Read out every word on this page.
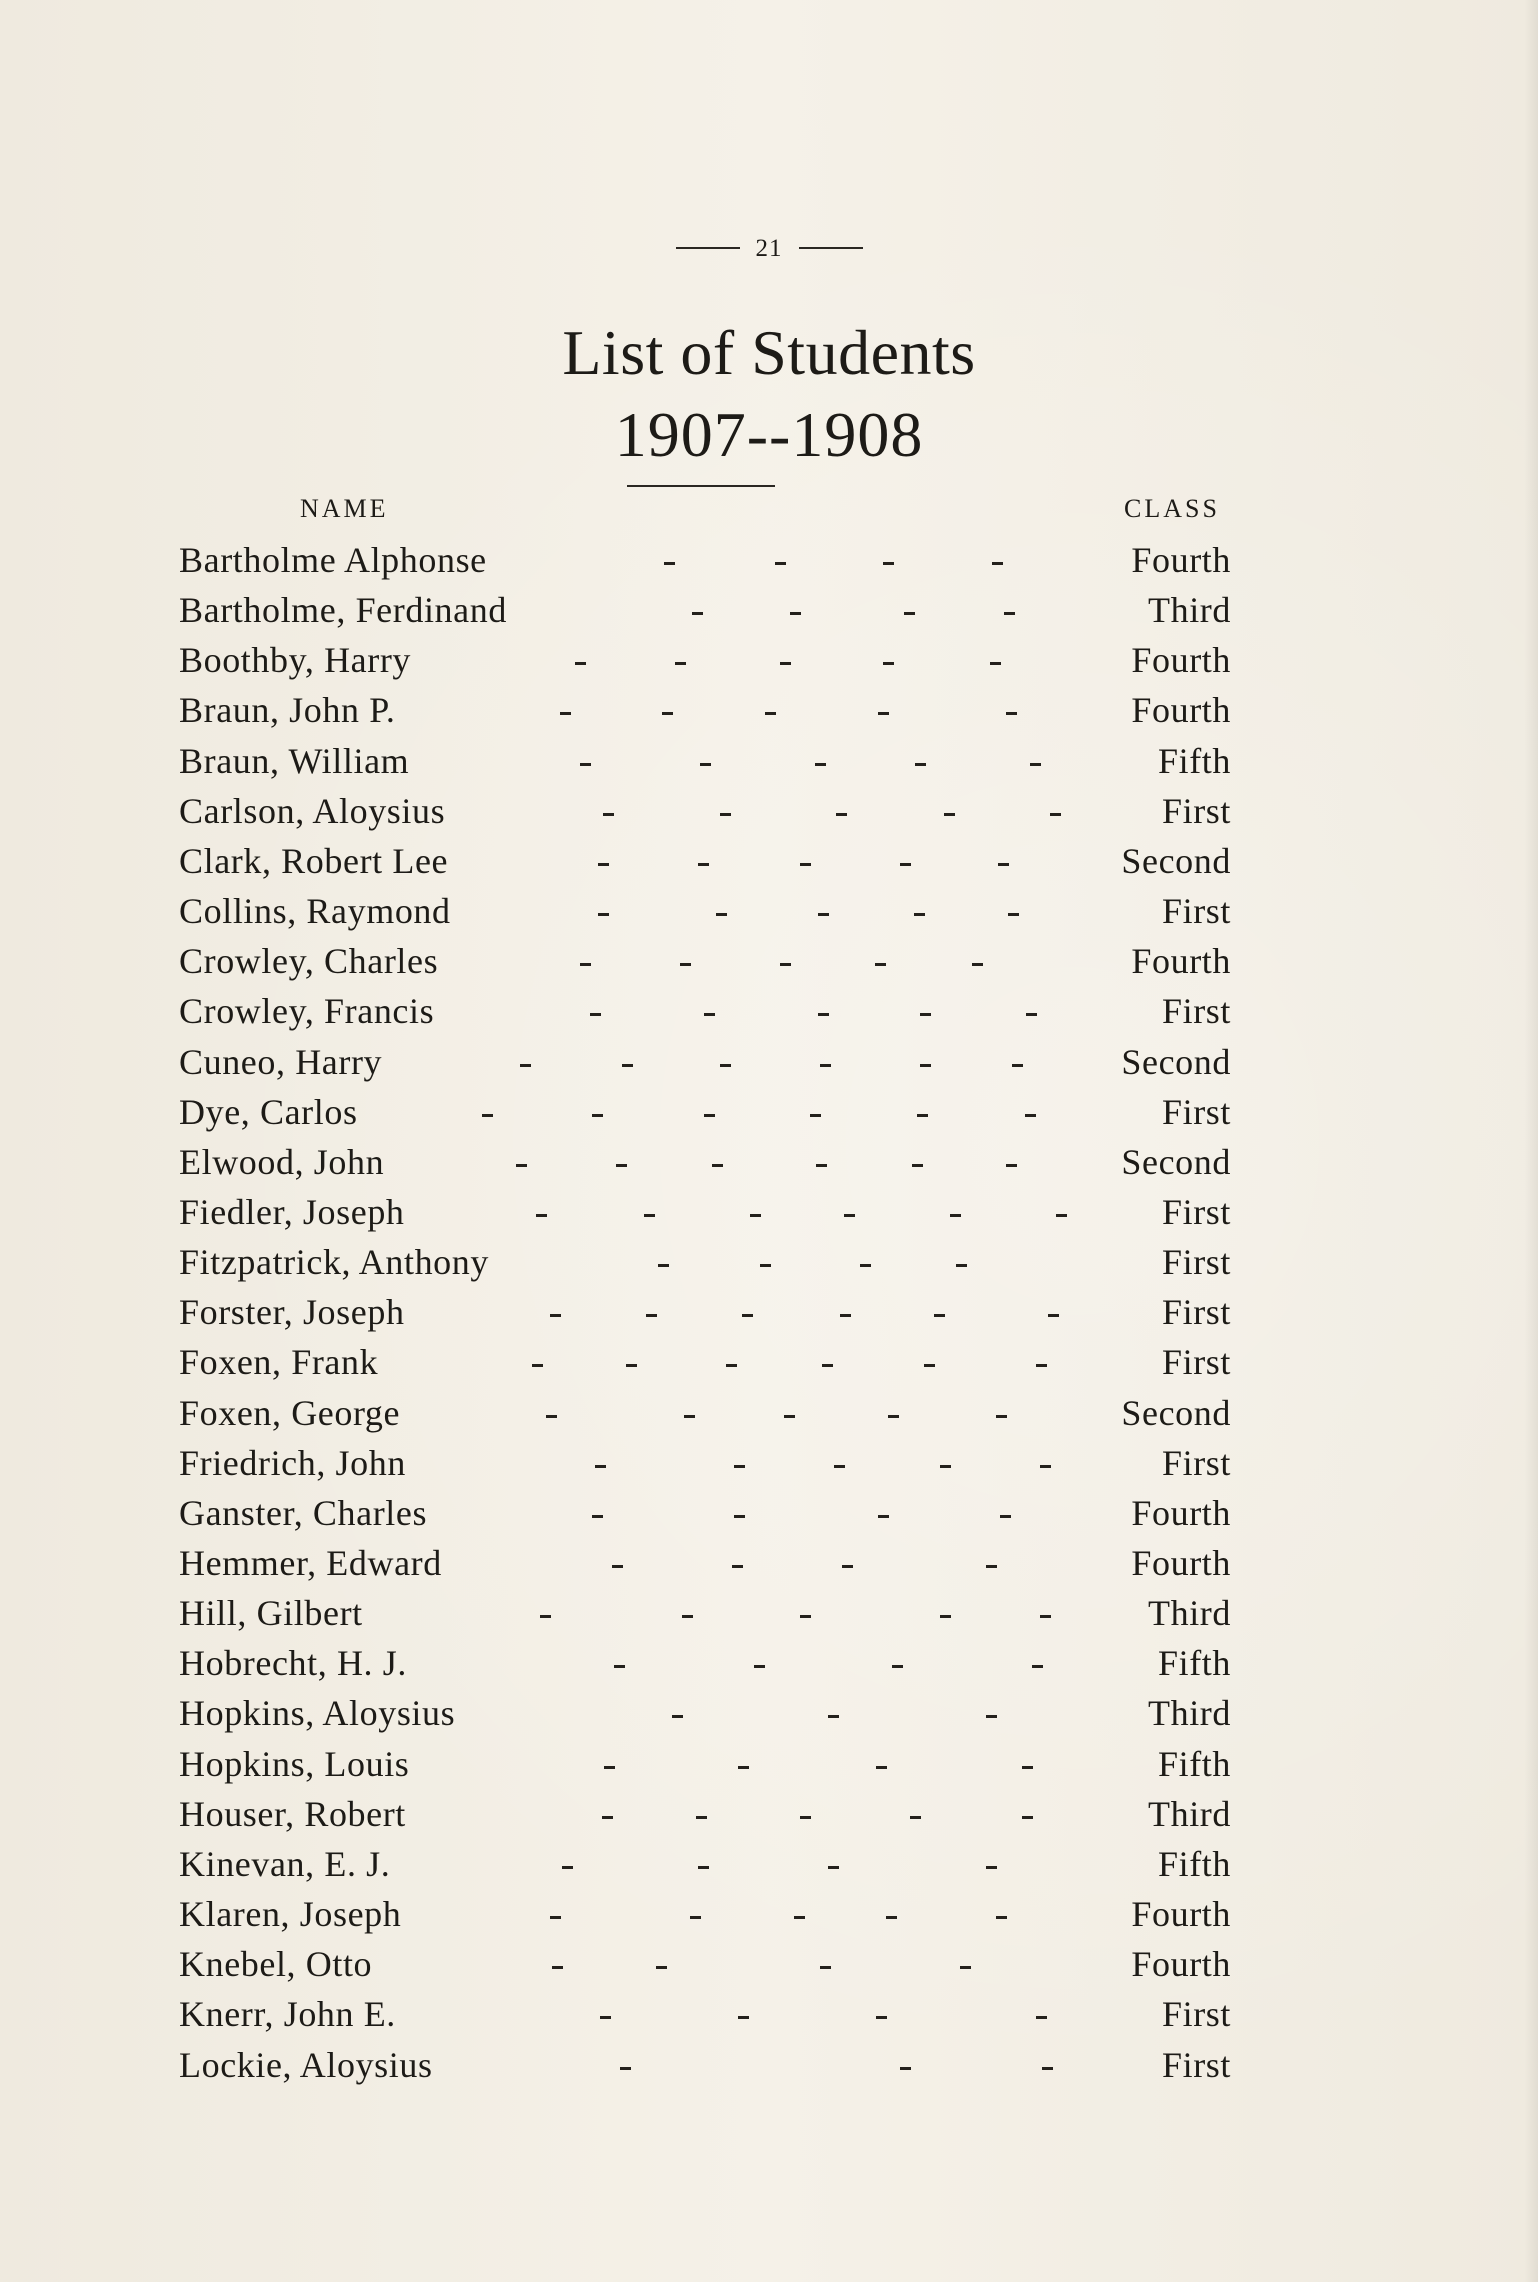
21
List of Students
1907--1908
NAME	CLASS
Bartholme Alphonse	Fourth
Bartholme, Ferdinand	Third
Boothby, Harry	Fourth
Braun, John P.	Fourth
Braun, William	Fifth
Carlson, Aloysius	First
Clark, Robert Lee	Second
Collins, Raymond	First
Crowley, Charles	Fourth
Crowley, Francis	First
Cuneo, Harry	Second
Dye, Carlos	First
Elwood, John	Second
Fiedler, Joseph	First
Fitzpatrick, Anthony	First
Forster, Joseph	First
Foxen, Frank	First
Foxen, George	Second
Friedrich, John	First
Ganster, Charles	Fourth
Hemmer, Edward	Fourth
Hill, Gilbert	Third
Hobrecht, H. J.	Fifth
Hopkins, Aloysius	Third
Hopkins, Louis	Fifth
Houser, Robert	Third
Kinevan, E. J.	Fifth
Klaren, Joseph	Fourth
Knebel, Otto	Fourth
Knerr, John E.	First
Lockie, Aloysius	First
